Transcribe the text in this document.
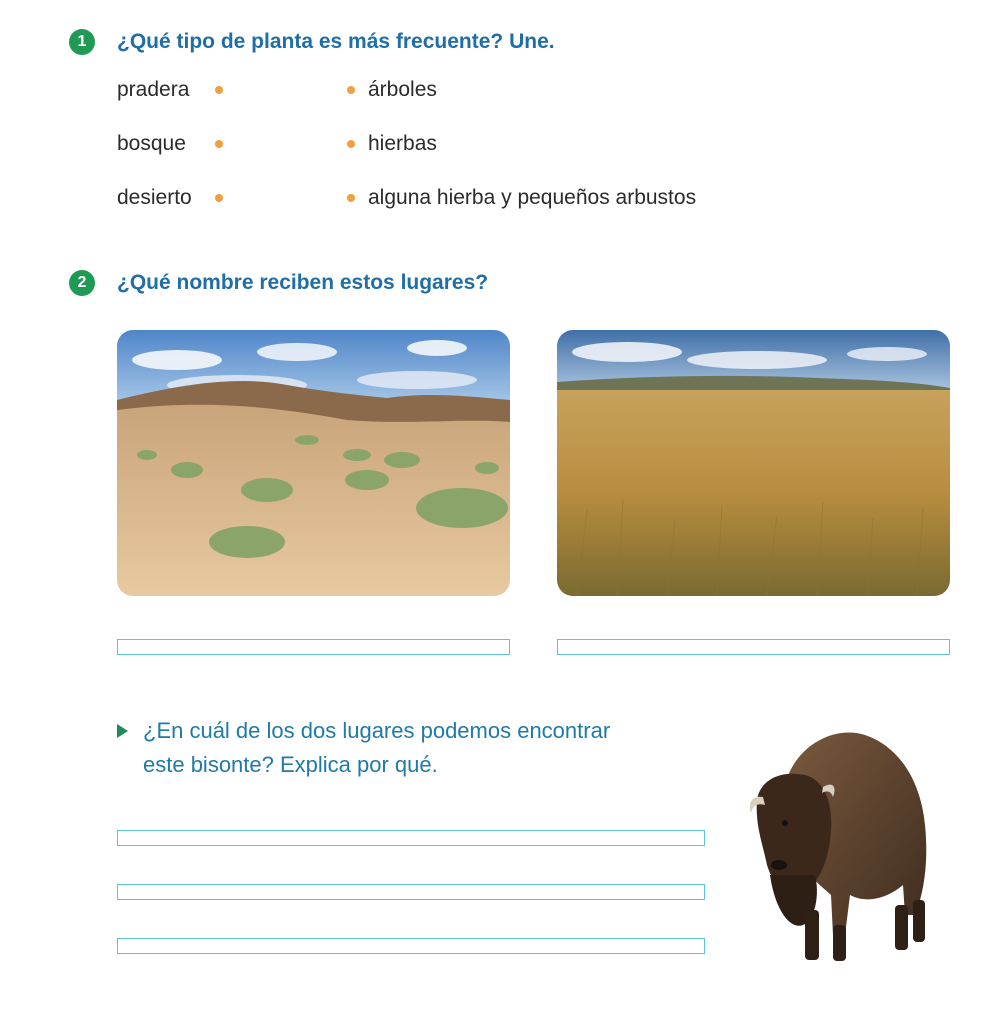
1	¿Qué tipo de planta es más frecuente? Une.
pradera	árboles
bosque	hierbas
desierto	alguna hierba y pequeños arbustos
2	¿Qué nombre reciben estos lugares?
¿En cuál de los dos lugares podemos encontrar
este bisonte? Explica por qué.
